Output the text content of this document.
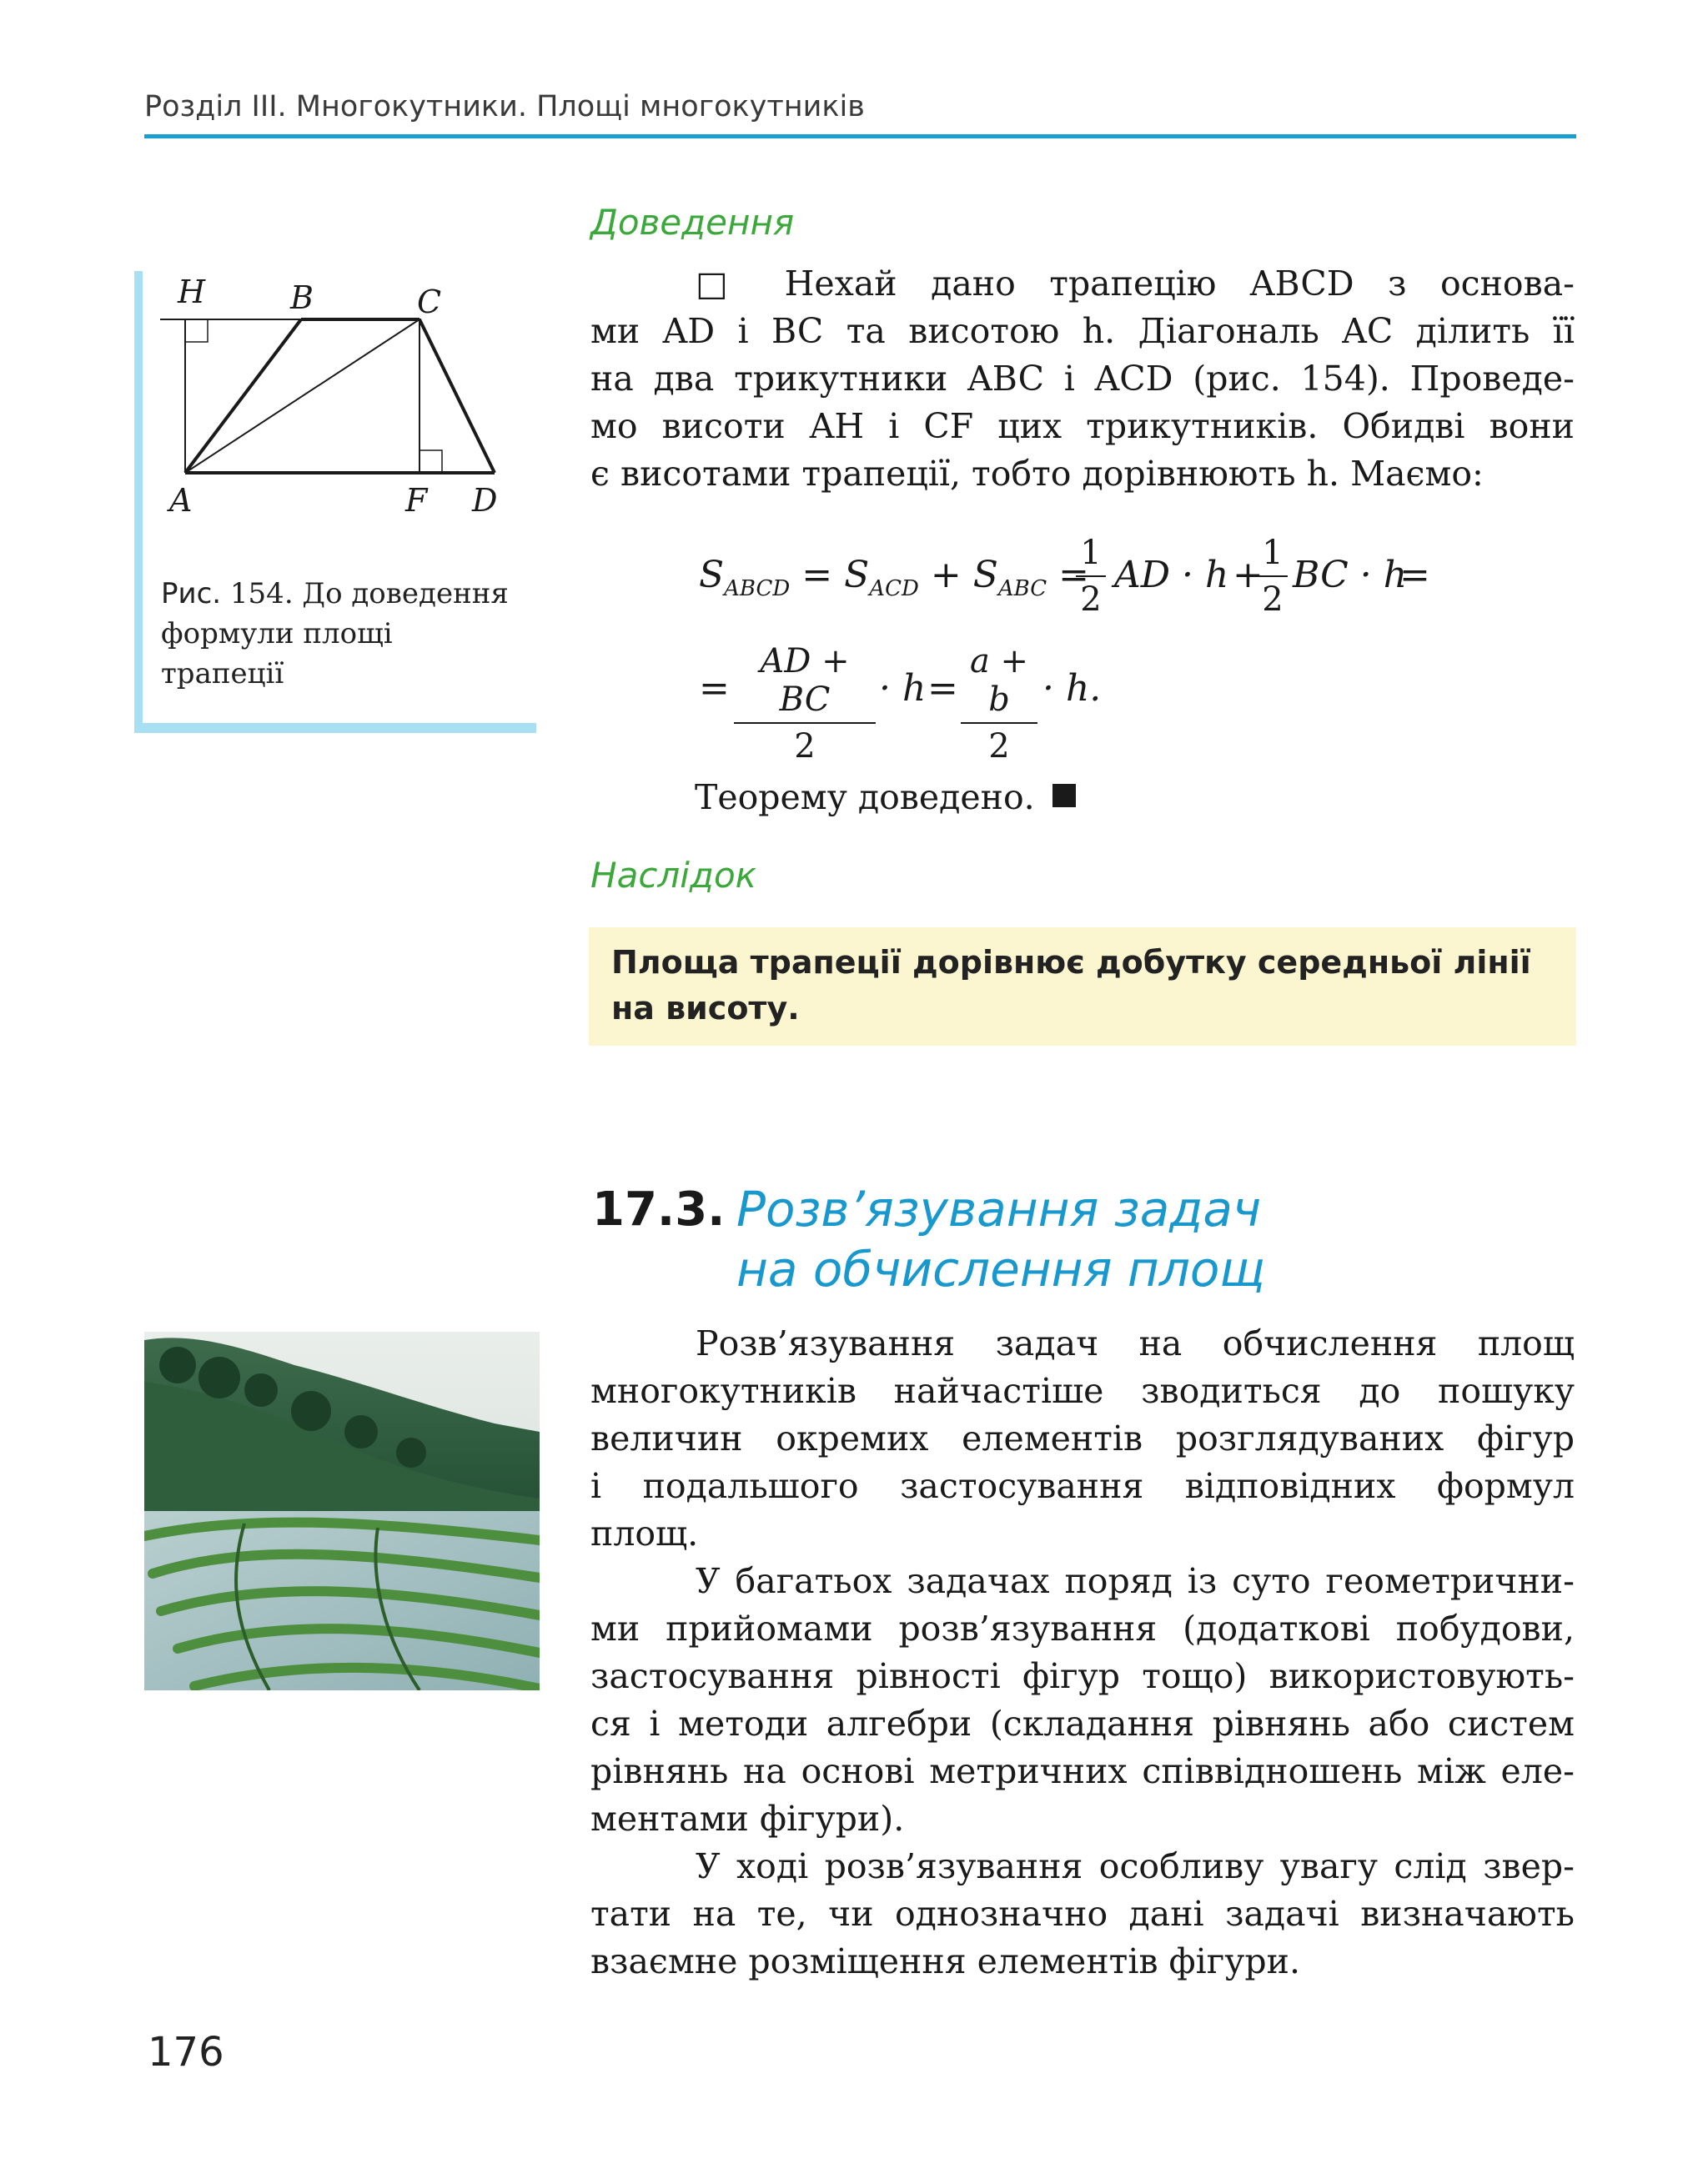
Розділ III. Многокутники. Площі многокутників
H	B	C
A	F D
Рис. 154. До доведення
формули площі
трапеції
Доведення
□ Нехай дано трапецію ABCD з основа-
ми AD і BC та висотою h. Діагональ AC ділить її
на два трикутники ABC і ACD (рис. 154). Проведе-
мо висоти AH і CF цих трикутників. Обидві вони
є висотами трапеції, тобто дорівнюють h. Маємо:
$S_{ABCD} = S_{ACD} + S_{ABC}$ =
1
2
AD · h +
1
2
BC · h
=
=
AD + BC
2
· h =
a + b
2
· h.
Теорему доведено.
Наслідок
Площа трапеції дорівнює добутку середньої лінії
на висоту.
17.3. Розв’язування задач
на обчислення площ
Розв’язування задач на обчислення площ
многокутників найчастіше зводиться до пошуку
величин окремих елементів розглядуваних фігур
і подальшого застосування відповідних формул
площ.
У багатьох задачах поряд із суто геометрични-
ми прийомами розв’язування (додаткові побудови,
застосування рівності фігур тощо) використовують-
ся і методи алгебри (складання рівнянь або систем
рівнянь на основі метричних співвідношень між еле-
ментами фігури).
У ході розв’язування особливу увагу слід звер-
тати на те, чи однозначно дані задачі визначають
взаємне розміщення елементів фігури.
176
